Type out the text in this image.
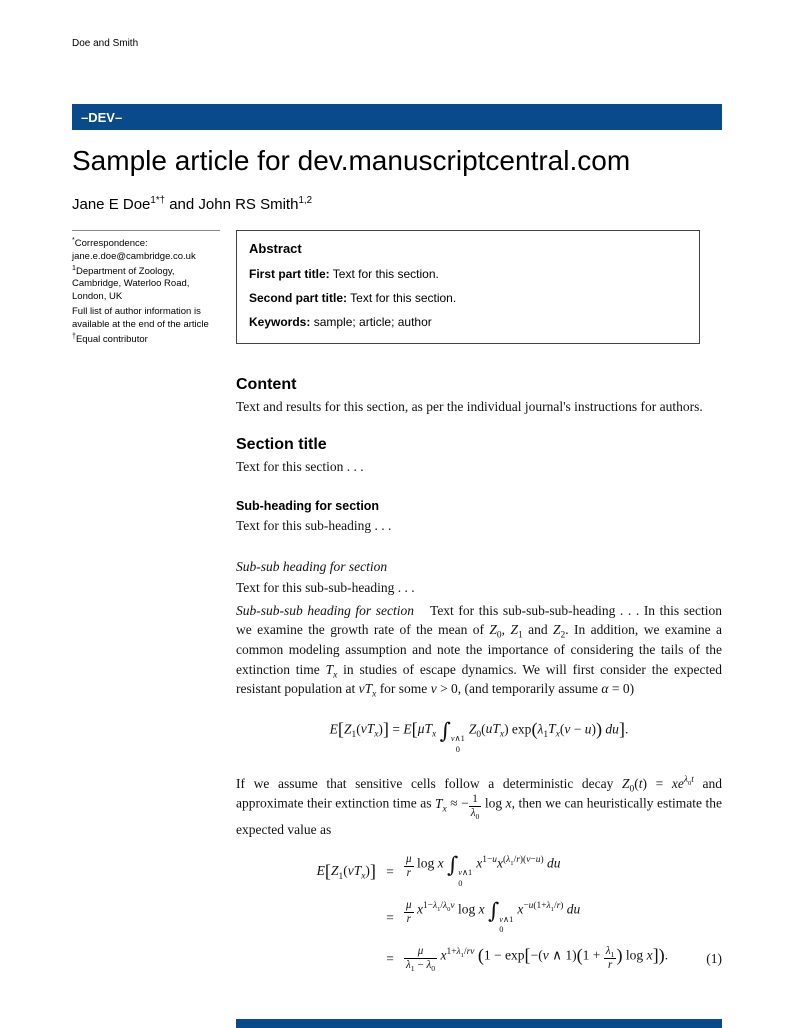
Doe and Smith
–DEV–
Sample article for dev.manuscriptcentral.com
Jane E Doe$^{1*\dagger}$ and John RS Smith$^{1,2}$
*Correspondence: jane.e.doe@cambridge.co.uk
$^1$Department of Zoology, Cambridge, Waterloo Road, London, UK
Full list of author information is available at the end of the article
†Equal contributor
Abstract
First part title: Text for this section.
Second part title: Text for this section.
Keywords: sample; article; author
Content

Text and results for this section, as per the individual journal's instructions for authors.

Section title

Text for this section . . .

Sub-heading for section

Text for this sub-heading . . .

Sub-sub heading for section

Text for this sub-sub-heading . . .

Sub-sub-sub heading for section Text for this sub-sub-sub-heading . . . In this section we examine the growth rate of the mean of $Z_0$, $Z_1$ and $Z_2$. In addition, we examine a common modeling assumption and note the importance of considering the tails of the extinction time $T_x$ in studies of escape dynamics. We will first consider the expected resistant population at $vT_x$ for some v > 0, (and temporarily assume α = 0)

$E[Z_1(vT_x)] = E[\mu T_x$ ∫ v∧1
0
$Z_0(uT_x) \exp(\lambda_1T_x(v - u))$ du].

If we assume that sensitive cells follow a deterministic decay $Z_0(t) = xe^{\lambda_0t}$ and approximate their extinction time as $T_x$ ≈ − $\frac{1}{\lambda_0}$ log x, then we can heuristically estimate the expected value as

$E[Z_1(vT_x)] = \frac{\mu}{r}$ log x ∫ v∧1
0
$x^{1-u}x^{(\lambda_1/r)(v-u)}$ du
= $\frac{\mu}{r} x^{1-\lambda_1/\lambda_0v}$ log x ∫ v∧1
0
$x^{-u(1+\lambda_1/r)}$ du
= $\frac{\mu}{\lambda_1 - \lambda_0} x^{1+\lambda_1/rv}$ (1 − exp[−(v ∧ $1)(1 + \frac{\lambda_1}{r}$ ) log x]).	(1)
